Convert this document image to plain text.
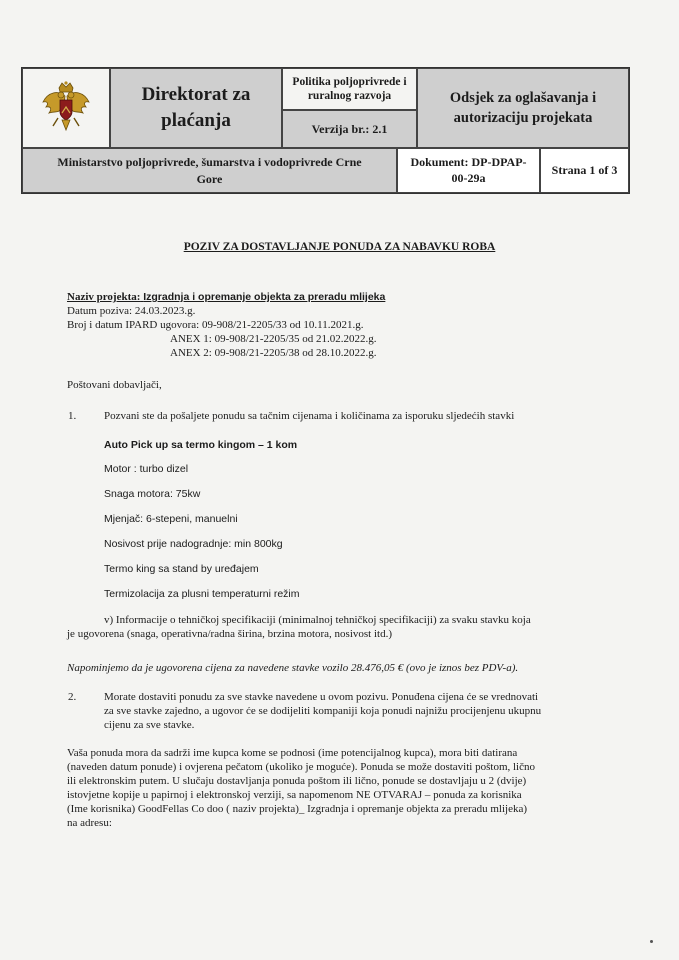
Direktorat za
plaćanja
Politika poljoprivrede i
ruralnog razvoja
Verzija br.: 2.1
Odsjek za oglašavanja i
autorizaciju projekata
Ministarstvo poljoprivrede, šumarstva i vodoprivrede Crne
Gore
Dokument: DP-DPAP-
00-29a
Strana 1 of 3
POZIV ZA DOSTAVLJANJE PONUDA ZA NABAVKU ROBA
Naziv projekta: Izgradnja i opremanje objekta za preradu mlijeka
Datum poziva: 24.03.2023.g.
Broj i datum IPARD ugovora: 09-908/21-2205/33 od 10.11.2021.g.
ANEX 1: 09-908/21-2205/35 od 21.02.2022.g.
ANEX 2: 09-908/21-2205/38 od 28.10.2022.g.
Poštovani dobavljači,
1.	Pozvani ste da pošaljete ponudu sa tačnim cijenama i količinama za isporuku sljedećih stavki
Auto Pick up sa termo kingom – 1 kom
Motor : turbo dizel
Snaga motora: 75kw
Mjenjač: 6-stepeni, manuelni
Nosivost prije nadogradnje: min 800kg
Termo king sa stand by uređajem
Termizolacija za plusni temperaturni režim
v) Informacije o tehničkoj specifikaciji (minimalnoj tehničkoj specifikaciji) za svaku stavku koja
je ugovorena (snaga, operativna/radna širina, brzina motora, nosivost itd.)
Napominjemo da je ugovorena cijena za navedene stavke vozilo 28.476,05 € (ovo je iznos bez PDV-a).
2.	Morate dostaviti ponudu za sve stavke navedene u ovom pozivu. Ponuđena cijena će se vrednovati
za sve stavke zajedno, a ugovor će se dodijeliti kompaniji koja ponudi najnižu procijenjenu ukupnu
cijenu za sve stavke.
Vaša ponuda mora da sadrži ime kupca kome se podnosi (ime potencijalnog kupca), mora biti datirana
(naveden datum ponude) i ovjerena pečatom (ukoliko je moguće). Ponuda se može dostaviti poštom, lično
ili elektronskim putem. U slučaju dostavljanja ponuda poštom ili lično, ponude se dostavljaju u 2 (dvije)
istovjetne kopije u papirnoj i elektronskoj verziji, sa napomenom NE OTVARAJ – ponuda za korisnika
(Ime korisnika) GoodFellas Co doo ( naziv projekta)_ Izgradnja i opremanje objekta za preradu mlijeka)
na adresu:
